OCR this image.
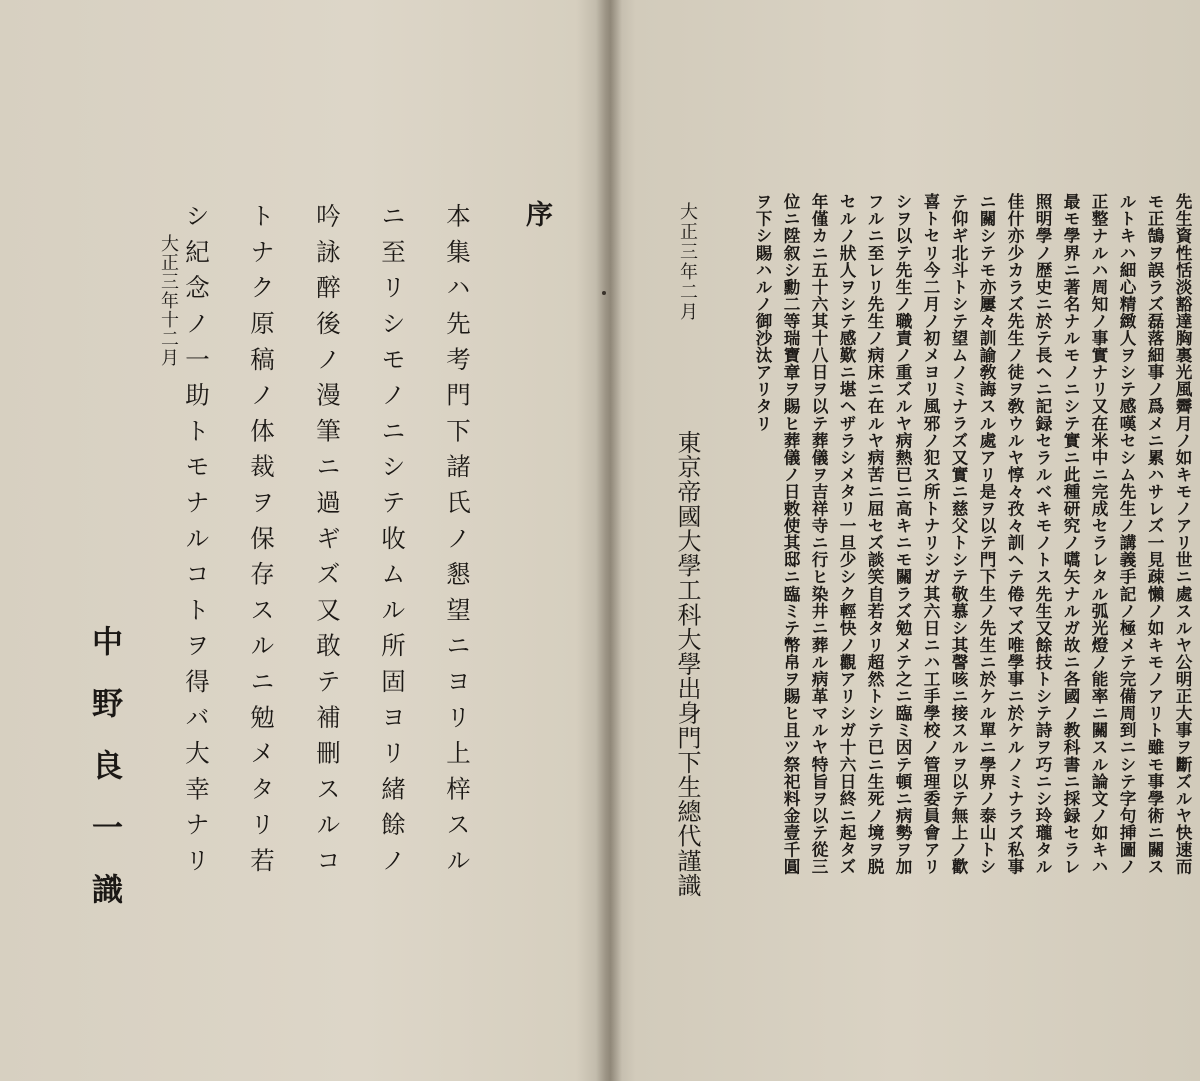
序
本集ハ先考門下諸氏ノ懇望ニヨリ上梓スル
ニ至リシモノニシテ收ムル所固ヨリ緒餘ノ
吟詠醉後ノ漫筆ニ過ギズ又敢テ補刪スルコ
トナク原稿ノ体裁ヲ保存スルニ勉メタリ若
シ紀念ノ一助トモナルコトヲ得バ大幸ナリ
大正三年十二月
中野良一識	先生資性恬淡豁達胸裏光風霽月ノ如キモノアリ世ニ處スルヤ公明正大事ヲ斷ズルヤ快速而
モ正鵠ヲ誤ラズ磊落細事ノ爲メニ累ハサレズ一見疎懶ノ如キモノアリト雖モ事學術ニ關ス
ルトキハ細心精緻人ヲシテ感嘆セシム先生ノ講義手記ノ極メテ完備周到ニシテ字句挿圖ノ
正整ナルハ周知ノ事實ナリ又在米中ニ完成セラレタル弧光燈ノ能率ニ關スル論文ノ如キハ
最モ學界ニ著名ナルモノニシテ實ニ此種研究ノ嚆矢ナルガ故ニ各國ノ教科書ニ採録セラレ
照明學ノ歴史ニ於テ長ヘニ記録セラルベキモノトス先生又餘技トシテ詩ヲ巧ニシ玲瓏タル
佳什亦少カラズ先生ノ徒ヲ敎ウルヤ惇々孜々訓ヘテ倦マズ唯學事ニ於ケルノミナラズ私事
ニ關シテモ亦屢々訓諭敎誨スル處アリ是ヲ以テ門下生ノ先生ニ於ケル單ニ學界ノ泰山トシ
テ仰ギ北斗トシテ望ムノミナラズ又實ニ慈父トシテ敬慕シ其謦咳ニ接スルヲ以テ無上ノ歡
喜トセリ今二月ノ初メヨリ風邪ノ犯ス所トナリシガ其六日ニハ工手學校ノ管理委員會アリ
シヲ以テ先生ノ職責ノ重ズルヤ病熱已ニ高キニモ關ラズ勉メテ之ニ臨ミ因テ頓ニ病勢ヲ加
フルニ至レリ先生ノ病床ニ在ルヤ病苦ニ屈セズ談笑自若タリ超然トシテ已ニ生死ノ境ヲ脱
セルノ狀人ヲシテ感歎ニ堪ヘザラシメタリ一旦少シク輕快ノ觀アリシガ十六日終ニ起タズ
年僅カニ五十六其十八日ヲ以テ葬儀ヲ吉祥寺ニ行ヒ染井ニ葬ル病革マルヤ特旨ヲ以テ從三
位ニ陞叙シ勳二等瑞寶章ヲ賜ヒ葬儀ノ日敕使其邸ニ臨ミテ幣帛ヲ賜ヒ且ツ祭祀料金壹千圓
ヲ下シ賜ハルノ御沙汰アリタリ
大正三年二月
東京帝國大學工科大學出身門下生總代謹識
